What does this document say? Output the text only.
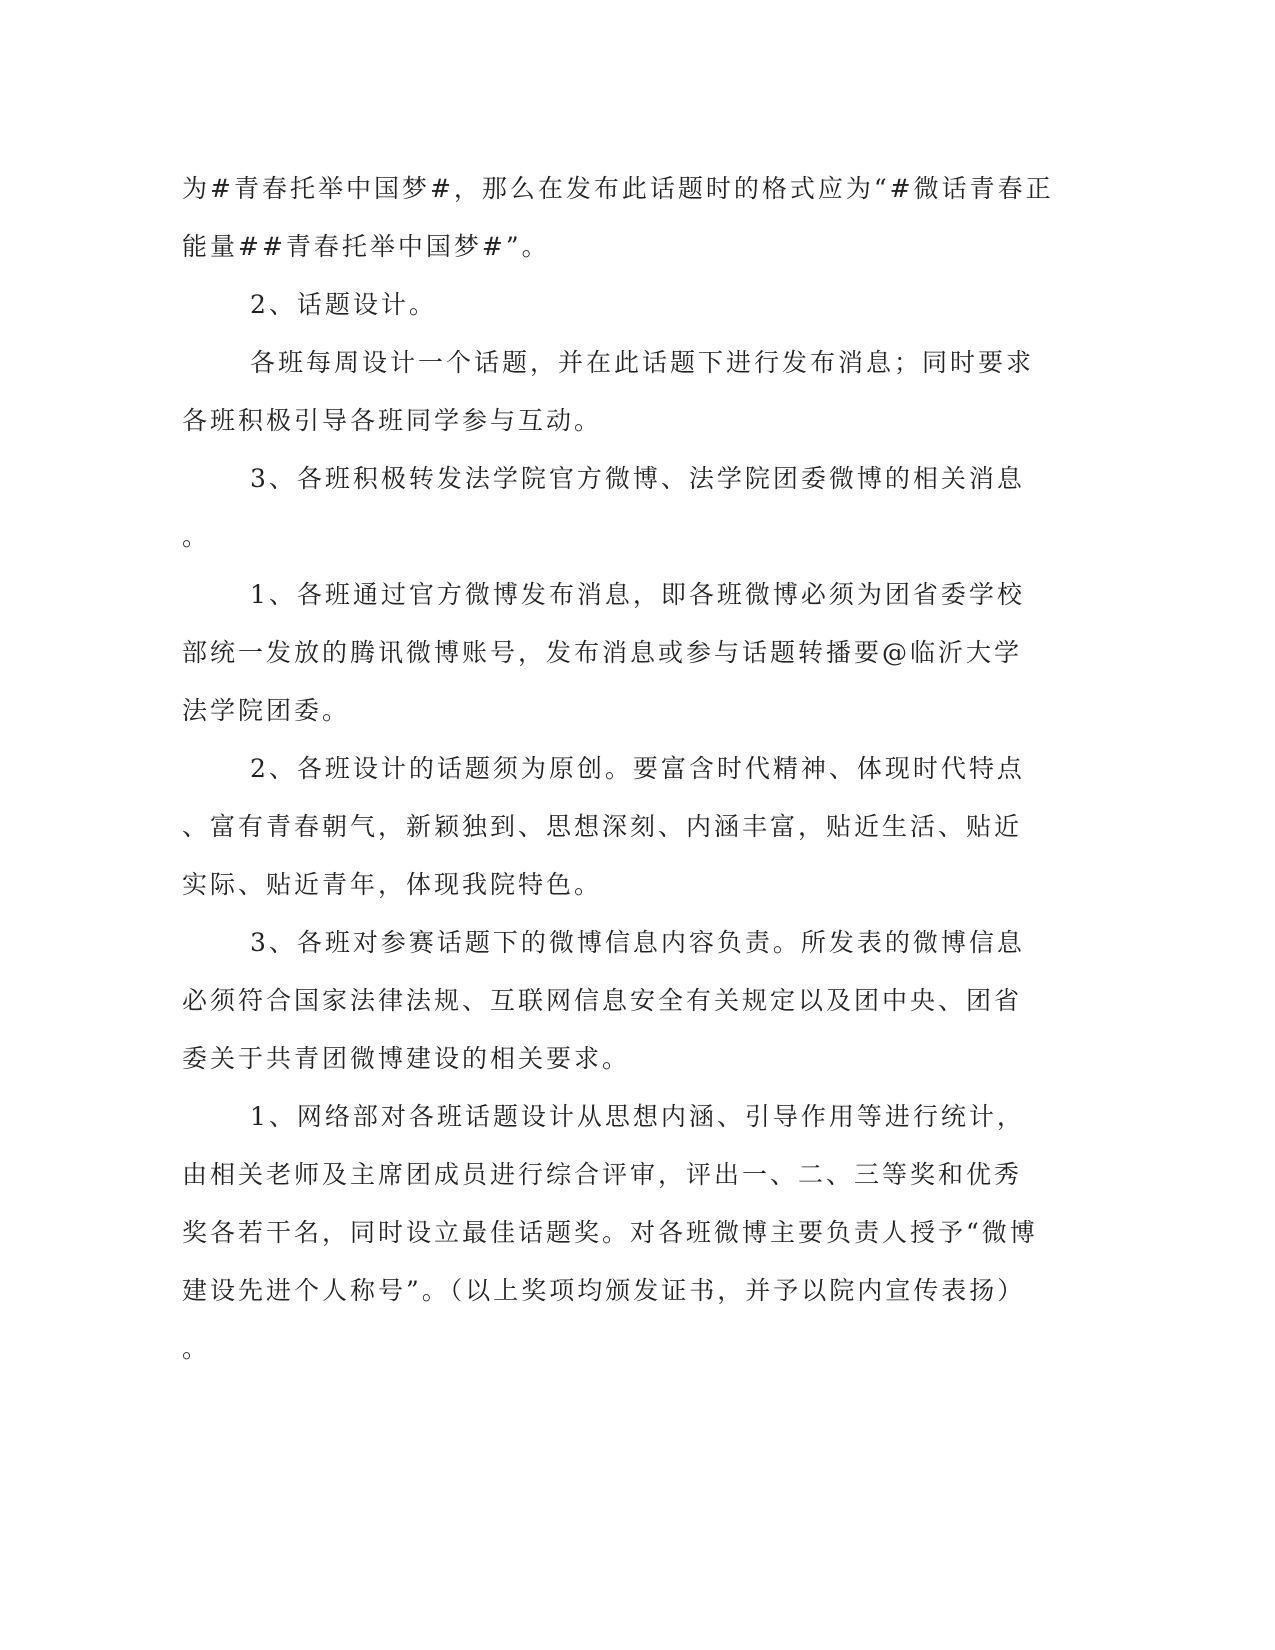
为#青春托举中国梦#，那么在发布此话题时的格式应为“#微话青春正
能量##青春托举中国梦#”。
2、话题设计。
各班每周设计一个话题，并在此话题下进行发布消息；同时要求
各班积极引导各班同学参与互动。
3、各班积极转发法学院官方微博、法学院团委微博的相关消息
。
1、各班通过官方微博发布消息，即各班微博必须为团省委学校
部统一发放的腾讯微博账号，发布消息或参与话题转播要@临沂大学
法学院团委。
2、各班设计的话题须为原创。要富含时代精神、体现时代特点
、富有青春朝气，新颖独到、思想深刻、内涵丰富，贴近生活、贴近
实际、贴近青年，体现我院特色。
3、各班对参赛话题下的微博信息内容负责。所发表的微博信息
必须符合国家法律法规、互联网信息安全有关规定以及团中央、团省
委关于共青团微博建设的相关要求。
1、网络部对各班话题设计从思想内涵、引导作用等进行统计，
由相关老师及主席团成员进行综合评审，评出一、二、三等奖和优秀
奖各若干名，同时设立最佳话题奖。对各班微博主要负责人授予“微博
建设先进个人称号”。（以上奖项均颁发证书，并予以院内宣传表扬）
。
